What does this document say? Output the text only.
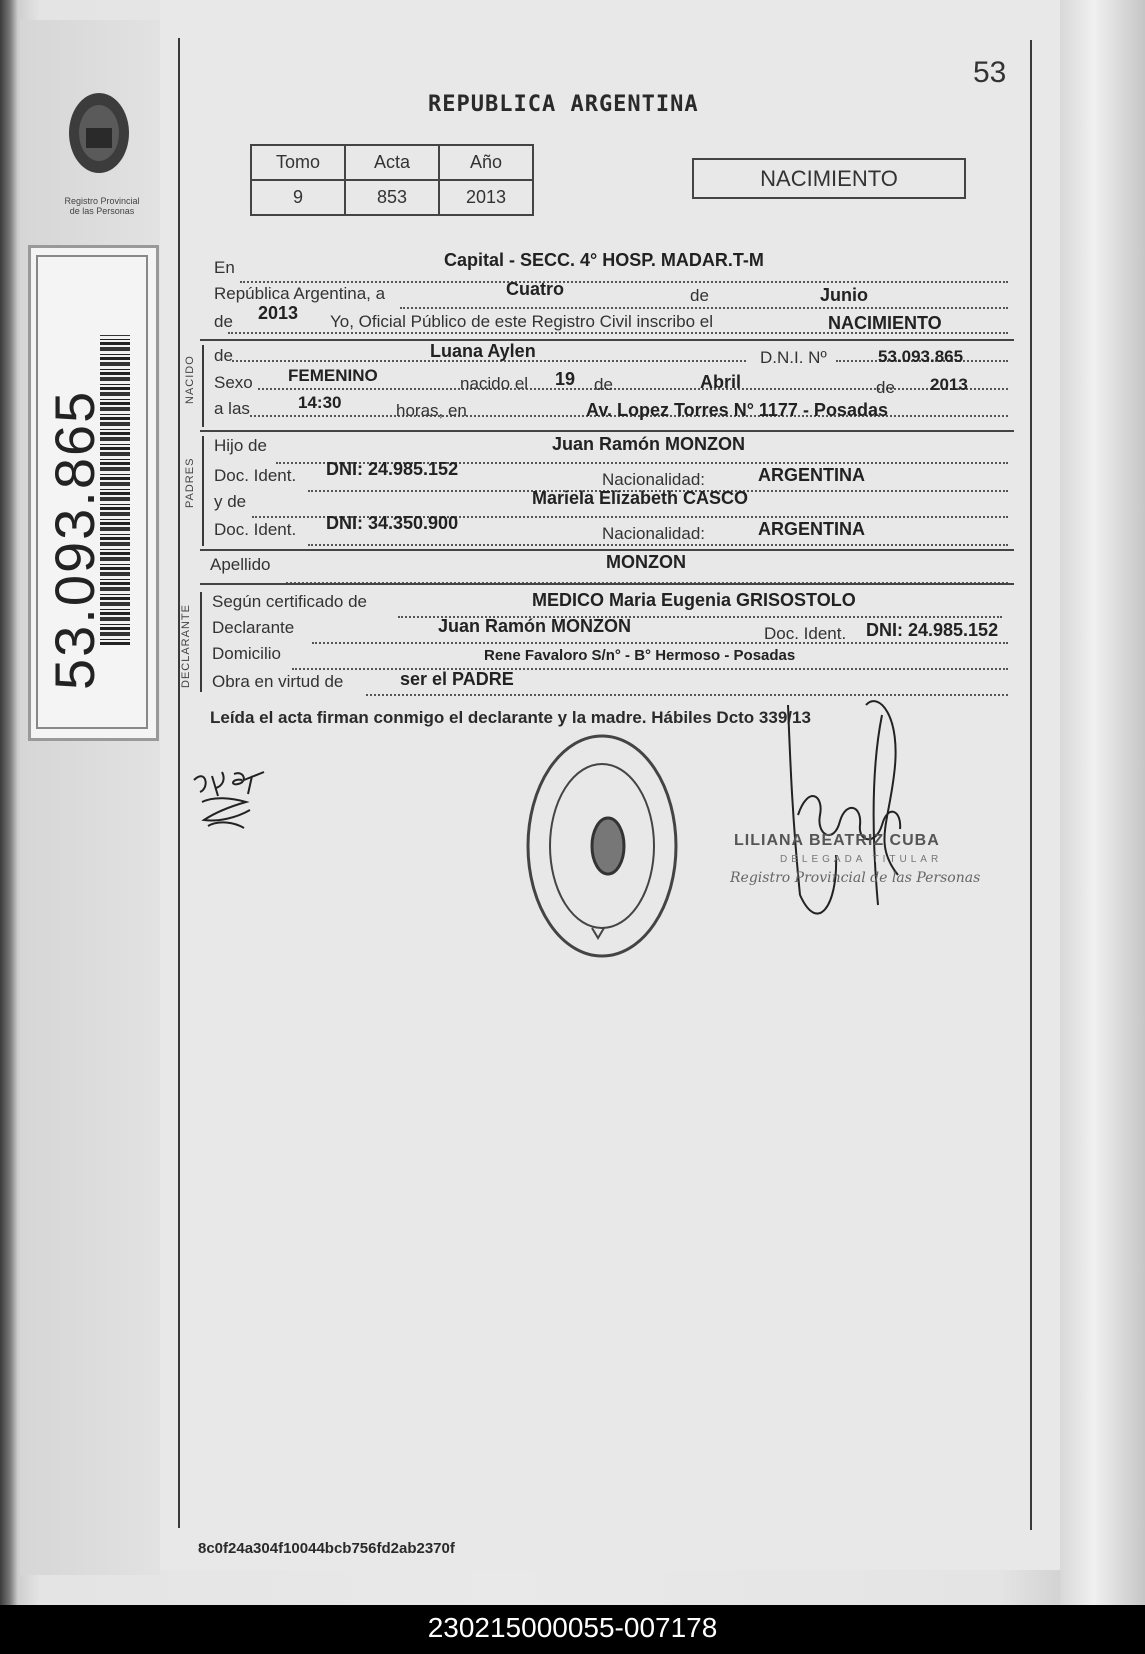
Registro Provincial
de las Personas
53.093.865
53
REPUBLICA ARGENTINA
Tomo	Acta	Año
9	853	2013
NACIMIENTO
En	Capital - SECC. 4° HOSP. MADAR.T-M
República Argentina, a	Cuatro	de	Junio
de 2013 Yo, Oficial Público de este Registro Civil inscribo el	NACIMIENTO
NACIDO de	Luana Aylen	D.N.I. Nº	53.093.865
Sexo FEMENINO	nacido el 19 de	Abril	de 2013
a las	14:30	horas, en	Av. Lopez Torres N° 1177 - Posadas
PADRES
Hijo de	Juan Ramón MONZON
Doc. Ident. DNI: 24.985.152
Nacionalidad:	ARGENTINA
y de	Mariela Elizabeth CASCO
Doc. Ident. DNI: 34.350.900
Nacionalidad:	ARGENTINA
Apellido	MONZON
DECLARANTE
Según certificado de	MEDICO Maria Eugenia GRISOSTOLO
Declarante	Juan Ramón MONZON	Doc. Ident. DNI: 24.985.152
Domicilio	Rene Favaloro S/n° - B° Hermoso - Posadas
Obra en virtud de	ser el PADRE
Leída el acta firman conmigo el declarante y la madre. Hábiles Dcto 339/13
LILIANA BEATRIZ CUBA
DELEGADA TITULAR
Registro Provincial de las Personas
8c0f24a304f10044bcb756fd2ab2370f
230215000055-007178
